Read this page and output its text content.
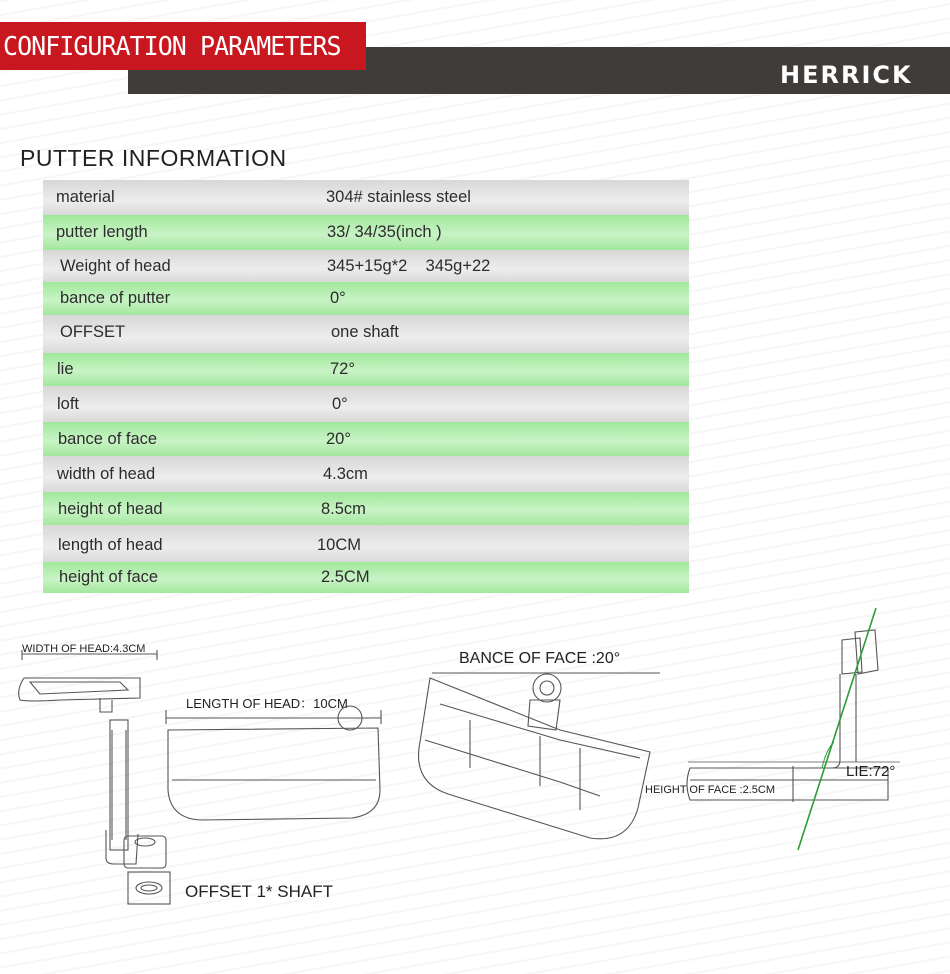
CONFIGURATION PARAMETERS
HERRICK
PUTTER INFORMATION
material	304# stainless steel
putter length	33/ 34/35(inch )
Weight of head	345+15g*2    345g+22
bance of putter	0°
OFFSET	one shaft
lie	72°
loft	0°
bance of face	20°
width of head	4.3cm
height of head	8.5cm
length of head	10CM
height of face	2.5CM
WIDTH OF HEAD:4.3CM
LENGTH OF HEAD：10CM
OFFSET 1* SHAFT
BANCE OF FACE :20°
LIE:72°
HEIGHT OF FACE :2.5CM
